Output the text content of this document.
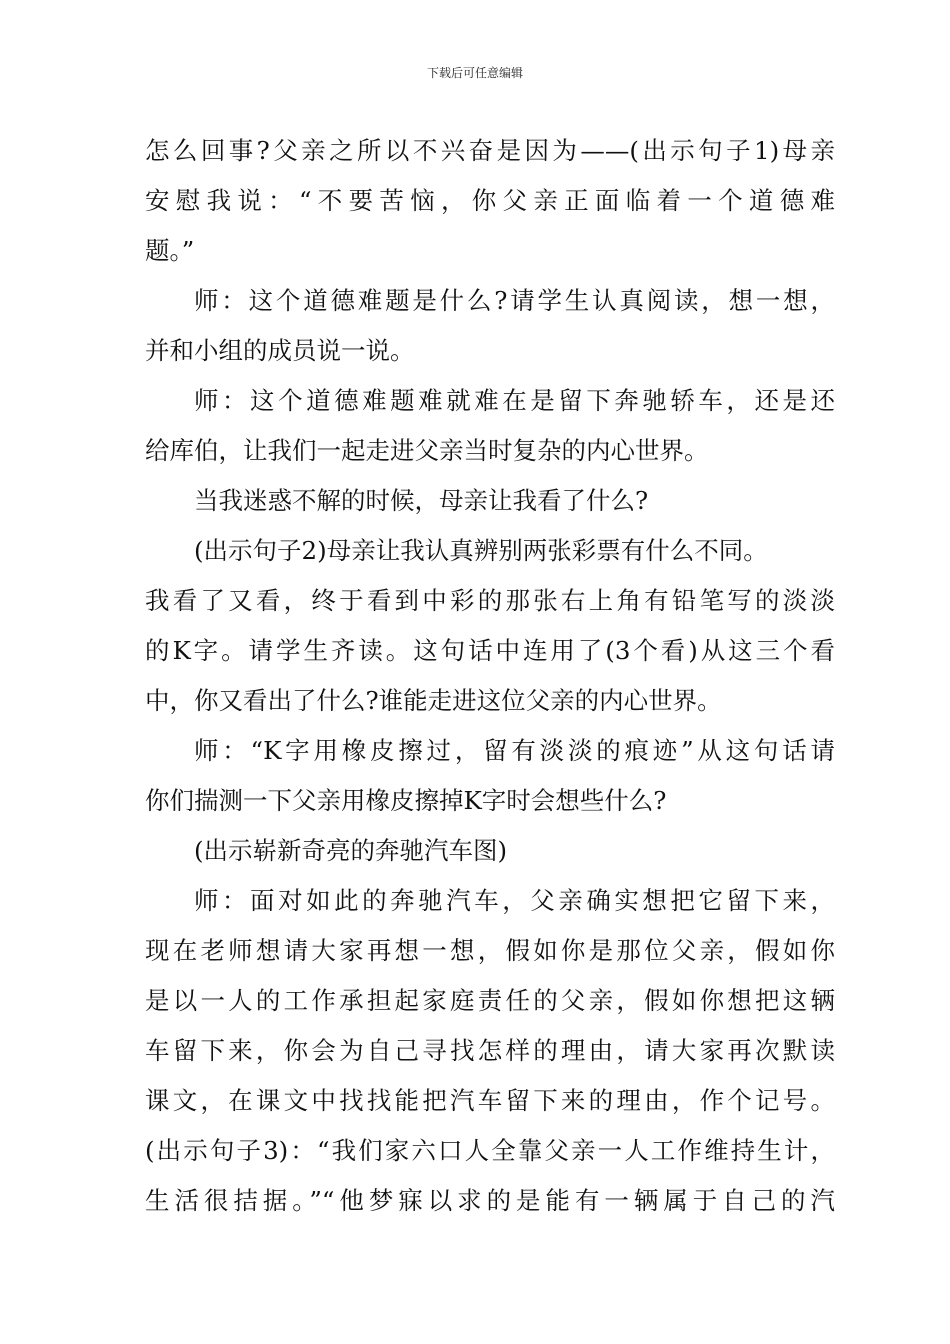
下载后可任意编辑
怎么回事?父亲之所以不兴奋是因为——(出示句子1)母亲
安慰我说：“不要苦恼，你父亲正面临着一个道德难
题。”
师：这个道德难题是什么?请学生认真阅读，想一想，
并和小组的成员说一说。
师：这个道德难题难就难在是留下奔驰轿车，还是还
给库伯，让我们一起走进父亲当时复杂的内心世界。
当我迷惑不解的时候，母亲让我看了什么?
(出示句子2)母亲让我认真辨别两张彩票有什么不同。
我看了又看，终于看到中彩的那张右上角有铅笔写的淡淡
的K字。请学生齐读。这句话中连用了(3个看)从这三个看
中，你又看出了什么?谁能走进这位父亲的内心世界。
师：“K字用橡皮擦过，留有淡淡的痕迹”从这句话请
你们揣测一下父亲用橡皮擦掉K字时会想些什么?
(出示崭新奇亮的奔驰汽车图)
师：面对如此的奔驰汽车，父亲确实想把它留下来，
现在老师想请大家再想一想，假如你是那位父亲，假如你
是以一人的工作承担起家庭责任的父亲，假如你想把这辆
车留下来，你会为自己寻找怎样的理由，请大家再次默读
课文，在课文中找找能把汽车留下来的理由，作个记号。
(出示句子3)：“我们家六口人全靠父亲一人工作维持生计，
生活很拮据。”“他梦寐以求的是能有一辆属于自己的汽
